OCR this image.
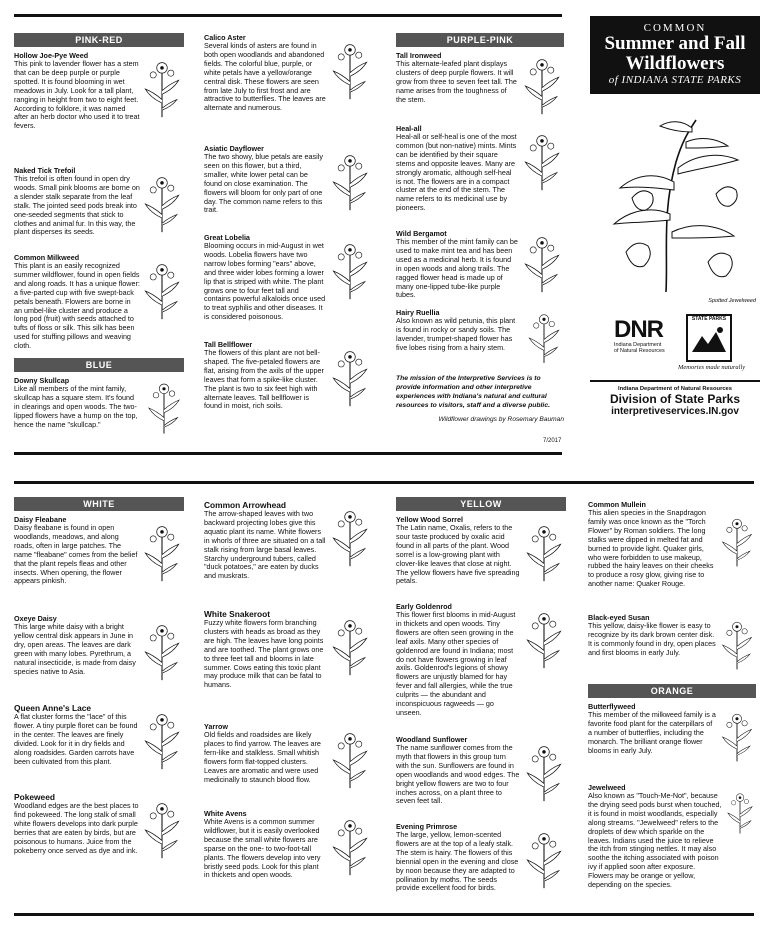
PINK-RED
Hollow Joe-Pye Weed
This pink to lavender flower has a stem that can be deep purple or purple spotted. It is found blooming in wet meadows in July. Look for a tall plant, ranging in height from two to eight feet. According to folklore, it was named after an herb doctor who used it to treat fevers.
Naked Tick Trefoil
This trefoil is often found in open dry woods. Small pink blooms are borne on a slender stalk separate from the leaf stalk. The jointed seed pods break into one-seeded segments that stick to clothes and animal fur. In this way, the plant disperses its seeds.
Common Milkweed
This plant is an easily recognized summer wildflower, found in open fields and along roads. It has a unique flower: a five-parted cup with five swept-back petals beneath. Flowers are borne in an umbel-like cluster and produce a long pod (fruit) with seeds attached to tufts of floss or silk. This silk has been used for stuffing pillows and weaving cloth.
BLUE
Downy Skullcap
Like all members of the mint family, skullcap has a square stem. It's found in clearings and open woods. The two-lipped flowers have a hump on the top, hence the name "skullcap."
Calico Aster
Several kinds of asters are found in both open woodlands and abandoned fields. The colorful blue, purple, or white petals have a yellow/orange central disk. These flowers are seen from late July to first frost and are attractive to butterflies. The leaves are alternate and numerous.
Asiatic Dayflower
The two showy, blue petals are easily seen on this flower, but a third, smaller, white lower petal can be found on close examination. The flowers will bloom for only part of one day. The common name refers to this trait.
Great Lobelia
Blooming occurs in mid-August in wet woods. Lobelia flowers have two narrow lobes forming "ears" above, and three wider lobes forming a lower lip that is striped with white. The plant grows one to four feet tall and contains powerful alkaloids once used to treat syphilis and other diseases. It is considered poisonous.
Tall Bellflower
The flowers of this plant are not bell-shaped. The five-petaled flowers are flat, arising from the axils of the upper leaves that form a spike-like cluster. The plant is two to six feet high with alternate leaves. Tall bellflower is found in moist, rich soils.
PURPLE-PINK
Tall Ironweed
This alternate-leafed plant displays clusters of deep purple flowers. It will grow from three to seven feet tall. The name arises from the toughness of the stem.
Heal-all
Heal-all or self-heal is one of the most common (but non-native) mints. Mints can be identified by their square stems and opposite leaves. Many are strongly aromatic, although self-heal is not. The flowers are in a compact cluster at the end of the stem. The name refers to its medicinal use by pioneers.
Wild Bergamot
This member of the mint family can be used to make mint tea and has been used as a medicinal herb. It is found in open woods and along trails. The ragged flower head is made up of many one-lipped tube-like purple tubes.
Hairy Ruellia
Also known as wild petunia, this plant is found in rocky or sandy soils. The lavender, trumpet-shaped flower has five lobes rising from a hairy stem.
The mission of the Interpretive Services is to provide information and other interpretive experiences with Indiana's natural and cultural resources to visitors, staff and a diverse public.
Wildflower drawings by Rosemary Bauman
7/2017
COMMON
Summer and Fall
Wildflowers
of INDIANA STATE PARKS
Spotted Jewelweed
DNR
Indiana Department
of Natural Resources
STATE PARKS
Memories made naturally
Indiana Department of Natural Resources
Division of State Parks
interpretiveservices.IN.gov
WHITE
Daisy Fleabane
Daisy fleabane is found in open woodlands, meadows, and along roads, often in large patches. The name "fleabane" comes from the belief that the plant repels fleas and other insects. When opening, the flower appears pinkish.
Oxeye Daisy
This large white daisy with a bright yellow central disk appears in June in dry, open areas. The leaves are dark green with many lobes. Pyrethrum, a natural insecticide, is made from daisy species native to Asia.
Queen Anne's Lace
A flat cluster forms the "lace" of this flower. A tiny purple floret can be found in the center. The leaves are finely divided. Look for it in dry fields and along roadsides. Garden carrots have been cultivated from this plant.
Pokeweed
Woodland edges are the best places to find pokeweed. The long stalk of small white flowers develops into dark purple berries that are eaten by birds, but are poisonous to humans. Juice from the pokeberry once served as dye and ink.
Common Arrowhead
The arrow-shaped leaves with two backward projecting lobes give this aquatic plant its name. White flowers in whorls of three are situated on a tall stalk rising from large basal leaves. Starchy underground tubers, called "duck potatoes," are eaten by ducks and muskrats.
White Snakeroot
Fuzzy white flowers form branching clusters with heads as broad as they are high. The leaves have long points and are toothed. The plant grows one to three feet tall and blooms in late summer. Cows eating this toxic plant may produce milk that can be fatal to humans.
Yarrow
Old fields and roadsides are likely places to find yarrow. The leaves are fern-like and stalkless. Small whitish flowers form flat-topped clusters. Leaves are aromatic and were used medicinally to staunch blood flow.
White Avens
White Avens is a common summer wildflower, but it is easily overlooked because the small white flowers are sparse on the one- to two-foot-tall plants. The flowers develop into very bristly seed pods. Look for this plant in thickets and open woods.
YELLOW
Yellow Wood Sorrel
The Latin name, Oxalis, refers to the sour taste produced by oxalic acid found in all parts of the plant. Wood sorrel is a low-growing plant with clover-like leaves that close at night. The yellow flowers have five spreading petals.
Early Goldenrod
This flower first blooms in mid-August in thickets and open woods. Tiny flowers are often seen growing in the leaf axils. Many other species of goldenrod are found in Indiana; most do not have flowers growing in leaf axils. Goldenrod's legions of showy flowers are unjustly blamed for hay fever and fall allergies, while the true culprits — the abundant and inconspicuous ragweeds — go unseen.
Woodland Sunflower
The name sunflower comes from the myth that flowers in this group turn with the sun. Sunflowers are found in open woodlands and wood edges. The bright yellow flowers are two to four inches across, on a plant three to seven feet tall.
Evening Primrose
The large, yellow, lemon-scented flowers are at the top of a leafy stalk. The stem is hairy. The flowers of this biennial open in the evening and close by noon because they are adapted to pollination by moths. The seeds provide excellent food for birds.
Common Mullein
This alien species in the Snapdragon family was once known as the "Torch Flower" by Roman soldiers. The long stalks were dipped in melted fat and burned to provide light. Quaker girls, who were forbidden to use makeup, rubbed the hairy leaves on their cheeks to produce a rosy glow, giving rise to another name: Quaker Rouge.
Black-eyed Susan
This yellow, daisy-like flower is easy to recognize by its dark brown center disk. It is commonly found in dry, open places and first blooms in early July.
ORANGE
Butterflyweed
This member of the milkweed family is a favorite food plant for the caterpillars of a number of butterflies, including the monarch. The brilliant orange flower blooms in early July.
Jewelweed
Also known as "Touch-Me-Not", because the drying seed pods burst when touched, it is found in moist woodlands, especially along streams. "Jewelweed" refers to the droplets of dew which sparkle on the leaves. Indians used the juice to relieve the itch from stinging nettles. It may also soothe the itching associated with poison ivy if applied soon after exposure. Flowers may be orange or yellow, depending on the species.
